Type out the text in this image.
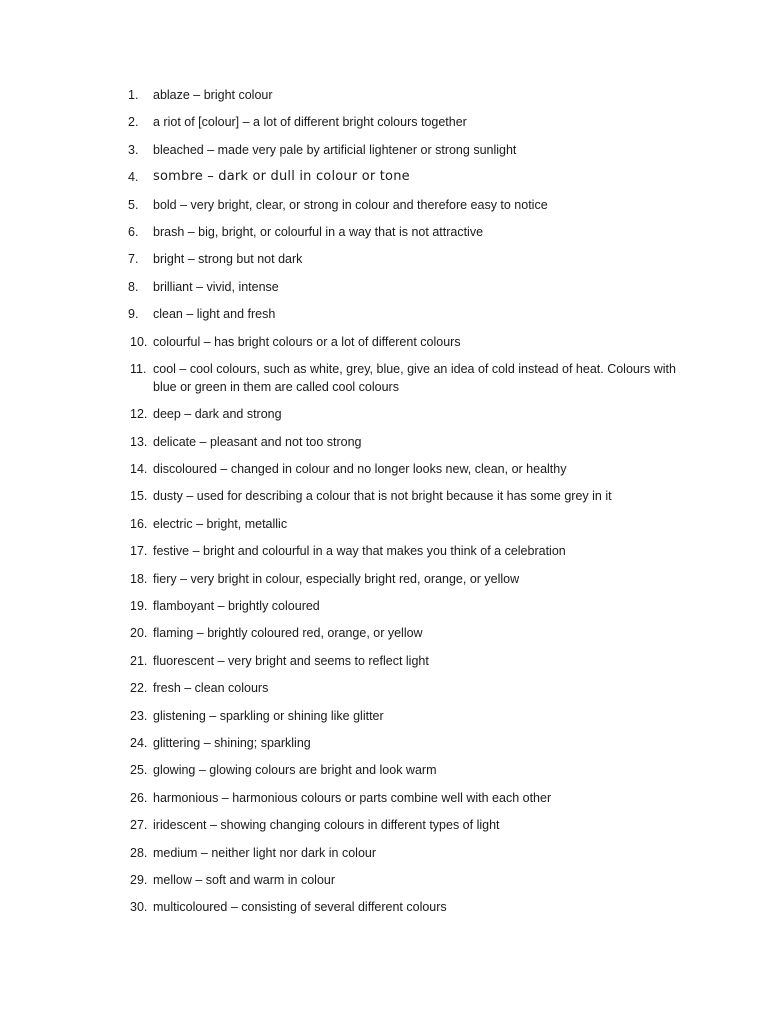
1.	ablaze – bright colour
2.	a riot of [colour] – a lot of different bright colours together
3.	bleached – made very pale by artificial lightener or strong sunlight
4.	sombre – dark or dull in colour or tone
5.	bold – very bright, clear, or strong in colour and therefore easy to notice
6.	brash – big, bright, or colourful in a way that is not attractive
7.	bright – strong but not dark
8.	brilliant – vivid, intense
9.	clean – light and fresh
10. colourful – has bright colours or a lot of different colours
11. cool – cool colours, such as white, grey, blue, give an idea of cold instead of heat. Colours with blue or green in them are called cool colours
12. deep – dark and strong
13. delicate – pleasant and not too strong
14. discoloured – changed in colour and no longer looks new, clean, or healthy
15. dusty – used for describing a colour that is not bright because it has some grey in it
16. electric – bright, metallic
17. festive – bright and colourful in a way that makes you think of a celebration
18. fiery – very bright in colour, especially bright red, orange, or yellow
19. flamboyant – brightly coloured
20. flaming – brightly coloured red, orange, or yellow
21. fluorescent – very bright and seems to reflect light
22. fresh – clean colours
23. glistening – sparkling or shining like glitter
24. glittering – shining; sparkling
25. glowing – glowing colours are bright and look warm
26. harmonious – harmonious colours or parts combine well with each other
27. iridescent – showing changing colours in different types of light
28. medium – neither light nor dark in colour
29. mellow – soft and warm in colour
30. multicoloured – consisting of several different colours
